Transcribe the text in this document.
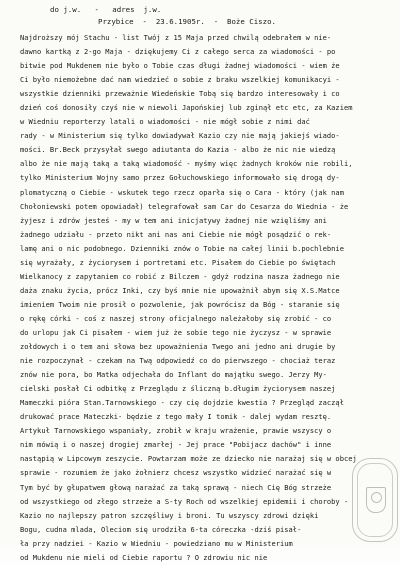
do j.w.   -   adres  j.w.
Przybice  -  23.6.1905r.  -  Boże Ciszo.
Najdroższy mój Stachu - list Twój z 15 Maja przed chwilą odebrałem w nie-
dawno kartką z 2-go Maja - dziękujemy Ci z całego serca za wiadomości - po
bitwie pod Mukdenem nie było o Tobie czas długi żadnej wiadomości - wiem że
Ci było niemożebne dać nam wiedzieć o sobie z braku wszelkiej komunikacyi -
wszystkie dzienniki przeważnie Wiedeńskie Tobą się bardzo interesowały i co
dzień coś donosiły czyś nie w niewoli Japońskiej lub zginął etc etc, za Kaziem
w Wiedniu reporterzy latali o wiadomości - nie mógł sobie z nimi dać
rady - w Ministerium się tylko dowiadywał Kazio czy nie mają jakiejś wiado-
mości. Br.Beck przysyłał swego adiutanta do Kazia - albo że nic nie wiedzą
albo że nie mają taką a taką wiadomość - myśmy więc żadnych kroków nie robili,
tylko Ministerium Wojny samo przez Gołuchowskiego informowało się drogą dy-
plomatyczną o Ciebie - wskutek tego rzecz oparła się o Cara - który (jak nam
Chołoniewski potem opowiadał) telegrafował sam Car do Cesarza do Wiednia - że
żyjesz i zdrów jesteś - my w tem ani inicjatywy żadnej nie wzięliśmy ani
żadnego udziału - przeto nikt ani nas ani Ciebie nie mógł posądzić o rek-
lamę ani o nic podobnego. Dzienniki znów o Tobie na całej linii b.pochlebnie
się wyrażały, z życiorysem i portretami etc. Pisałem do Ciebie po świętach
Wielkanocy z zapytaniem co robić z Bilczem - gdyż rodzina nasza żadnego nie
daża znaku życia, prócz Inki, czy byś mnie nie upoważnił abym się X.S.Matce
imieniem Twoim nie prosił o pozwolenie, jak powrócisz da Bóg - staranie się
o rękę córki - coś z naszej strony oficjalnego należałoby się zrobić - co
do urlopu jak Ci pisałem - wiem już że sobie tego nie życzysz - w sprawie
zołdowych i o tem ani słowa bez upoważnienia Twego ani jedno ani drugie by
nie rozpoczynał - czekam na Twą odpowiedź co do pierwszego - chociaż teraz
znów nie pora, bo Matka odjechała do Inflant do majątku swego. Jerzy My-
cielski posłał Ci odbitkę z Przeglądu z śliczną b.długim życiorysem naszej
Mameczki pióra Stan.Tarnowskiego - czy cię dojdzie kwestia ? Przegląd zaczął
drukować prace Mateczki- będzie z tego mały I tomik - dalej wydam resztę.
Artykuł Tarnowskiego wspaniały, zrobił w kraju wrażenie, prawie wszyscy o
nim mówią i o naszej drogiej zmarłej - Jej prace "Pobijacz dachów" i inne
nastąpią w Lipcowym zeszycie. Powtarzam może ze dziecko nie narażaj się w obcej
sprawie - rozumiem że jako żołnierz chcesz wszystko widzieć narażać się w
Tym być by głupatwem głową narażać za taką sprawą - niech Cię Bóg strzeże
od wszystkiego od złego strzeże a S-ty Roch od wszelkiej epidemii i choroby -
Kazio no najlepszy patron szczęśliwy i broni. Tu wszyscy zdrowi dzięki
Bogu, cudna mlada, Oleciom się urodziła 6-ta córeczka -dziś pisał-
ła przy nadziei - Kazio w Wiedniu - powiedziano mu w Ministerium
od Mukdenu nie mieli od Ciebie raportu ? O zdrowiu nic nie
